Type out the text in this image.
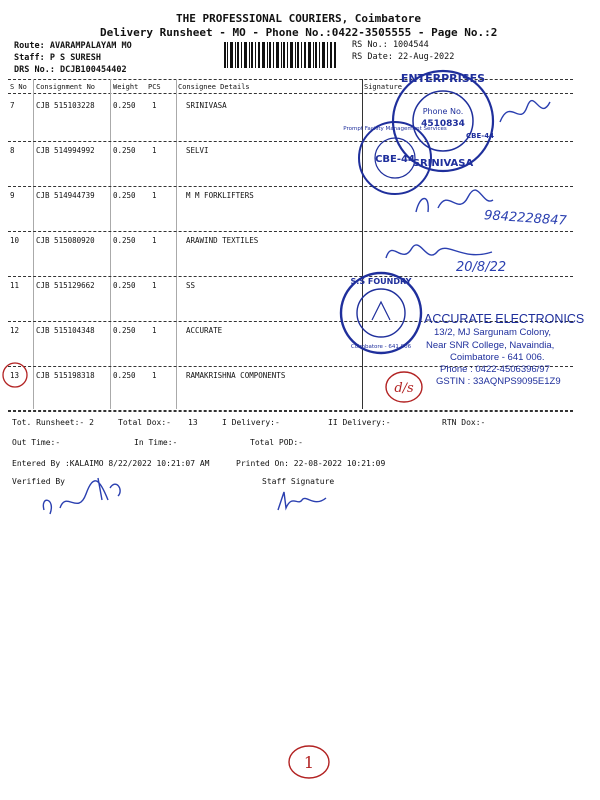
THE PROFESSIONAL COURIERS, Coimbatore
Delivery Runsheet - MO - Phone No.:0422-3505555 - Page No.:2
Route: AVARAMPALAYAM MO
Staff: P S SURESH
DRS No.: DCJB100454402
RS No.: 1004544
RS Date: 22-Aug-2022
S No Consignment No	Weight PCS Consignee Details	Signature
7	CJB 515103228 0.250 1	SRINIVASA
8	CJB 514994992 0.250 1	SELVI
9	CJB 514944739 0.250 1	M M FORKLIFTERS
10 CJB 515080920 0.250 1	ARAWIND TEXTILES
11 CJB 515129662 0.250 1	SS
12 CJB 515104348 0.250 1	ACCURATE
13 CJB 515198318 0.250 1	RAMAKRISHNA COMPONENTS
ENTERPRISES
SRINIVASA
Phone No.
4510834
CBE-44
Prompt Facility Management Services
CBE-44
9842228847
20/8/22
S.S FOUNDRY
Coimbatore - 641 006
ACCURATE ELECTRONICS
13/2, MJ Sargunam Colony,
Near SNR College, Navaindia,
Coimbatore - 641 006.
Phone : 0422-4506396/97
GSTIN : 33AQNPS9095E1Z9
d/s
Tot. Runsheet:- 2	Total Dox:- 13	I Delivery:-	II Delivery:-	RTN Dox:-
Out Time:-	In Time:-	Total POD:-
Entered By :KALAIMO 8/22/2022 10:21:07 AM	Printed On: 22-08-2022 10:21:09
Verified By	Staff Signature
1
